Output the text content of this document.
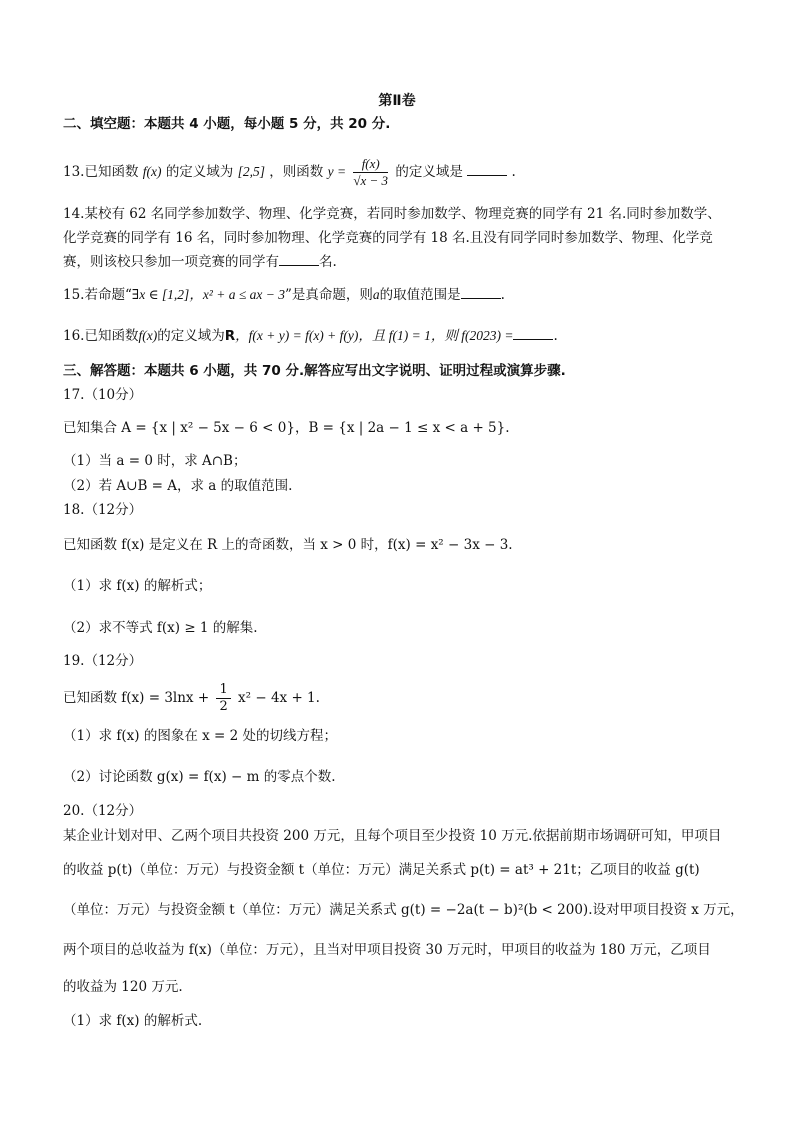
第Ⅱ卷
二、填空题：本题共 4 小题，每小题 5 分，共 20 分.
13.已知函数 f(x) 的定义域为 [2,5] ，则函数 $y = \frac{f(x)}{√x - 3}$ 的定义域是	.
14.某校有 62 名同学参加数学、物理、化学竞赛，若同时参加数学、物理竞赛的同学有 21 名.同时参加数学、
化学竞赛的同学有 16 名，同时参加物理、化学竞赛的同学有 18 名.且没有同学同时参加数学、物理、化学竞
赛，则该校只参加一项竞赛的同学有	名.
15.若命题“∃x ∈ [1,2]，x² + a ≤ ax − 3”是真命题，则a的取值范围是	.
16.已知函数f(x)的定义域为R，f(x + y) = f(x) + f(y)，且 f(1) = 1，则 f(2023) =	.
三、解答题：本题共 6 小题，共 70 分.解答应写出文字说明、证明过程或演算步骤.
17.（10分）
已知集合 A = {x | x² − 5x − 6 < 0}，B = {x | 2a − 1 ≤ x < a + 5}.
（1）当 a = 0 时，求 A∩B；
（2）若 A∪B = A，求 a 的取值范围.
18.（12分）
已知函数 f(x) 是定义在 R 上的奇函数，当 x > 0 时，f(x) = x² − 3x − 3.
（1）求 f(x) 的解析式；
（2）求不等式 f(x) ≥ 1 的解集.
19.（12分）
已知函数 $f(x) = 3\ln x + \frac{1}{2} x^2 - 4x + 1$.
（1）求 f(x) 的图象在 x = 2 处的切线方程；
（2）讨论函数 g(x) = f(x) − m 的零点个数.
20.（12分）
某企业计划对甲、乙两个项目共投资 200 万元，且每个项目至少投资 10 万元.依据前期市场调研可知，甲项目
的收益 p(t)（单位：万元）与投资金额 t（单位：万元）满足关系式 p(t) = at³ + 21t；乙项目的收益 g(t)
（单位：万元）与投资金额 t（单位：万元）满足关系式 g(t) = −2a(t − b)²(b < 200).设对甲项目投资 x 万元，
两个项目的总收益为 f(x)（单位：万元），且当对甲项目投资 30 万元时，甲项目的收益为 180 万元，乙项目
的收益为 120 万元.
（1）求 f(x) 的解析式.
